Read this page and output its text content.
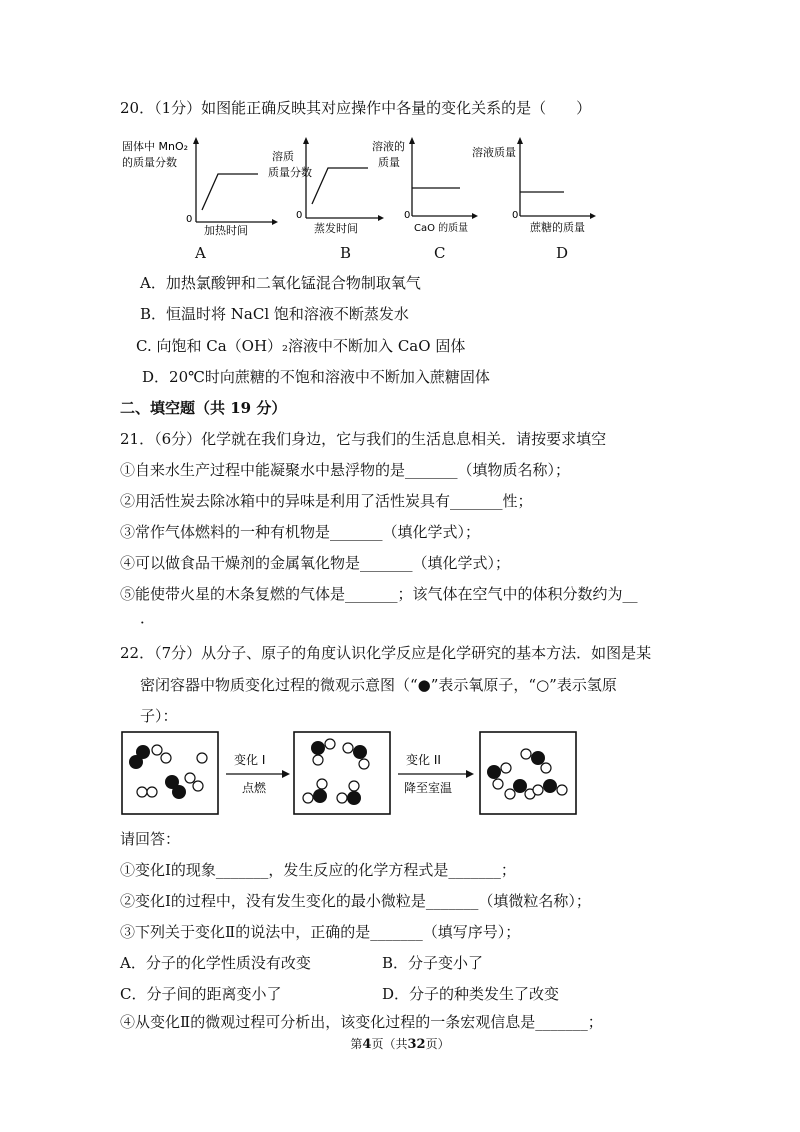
20．（1分）如图能正确反映其对应操作中各量的变化关系的是（　　）
固体中 MnO₂
的质量分数
0
加热时间
A
溶质
质量分数
0
蒸发时间
B
溶液的
质量
0
CaO 的质量
C
溶液质量
0
蔗糖的质量
D
A．加热氯酸钾和二氧化锰混合物制取氧气
B．恒温时将 NaCl 饱和溶液不断蒸发水
C. 向饱和 Ca（OH）₂溶液中不断加入 CaO 固体
D．20℃时向蔗糖的不饱和溶液中不断加入蔗糖固体
二、填空题（共 19 分）
21．（6分）化学就在我们身边，它与我们的生活息息相关．请按要求填空
①自来水生产过程中能凝聚水中悬浮物的是_______（填物质名称）；
②用活性炭去除冰箱中的异味是利用了活性炭具有_______性；
③常作气体燃料的一种有机物是_______（填化学式）；
④可以做食品干燥剂的金属氧化物是_______（填化学式）；
⑤能使带火星的木条复燃的气体是_______；该气体在空气中的体积分数约为__
．
22．（7分）从分子、原子的角度认识化学反应是化学研究的基本方法．如图是某
密闭容器中物质变化过程的微观示意图（“●”表示氧原子，“○”表示氢原
子）：
变化 I
点燃
变化 II
降至室温
请回答：
①变化Ⅰ的现象_______，发生反应的化学方程式是_______；
②变化Ⅰ的过程中，没有发生变化的最小微粒是_______（填微粒名称）；
③下列关于变化Ⅱ的说法中，正确的是_______（填写序号）；
A．分子的化学性质没有改变	B．分子变小了
C．分子间的距离变小了	D．分子的种类发生了改变
④从变化Ⅱ的微观过程可分析出，该变化过程的一条宏观信息是_______；
第4页（共32页）
